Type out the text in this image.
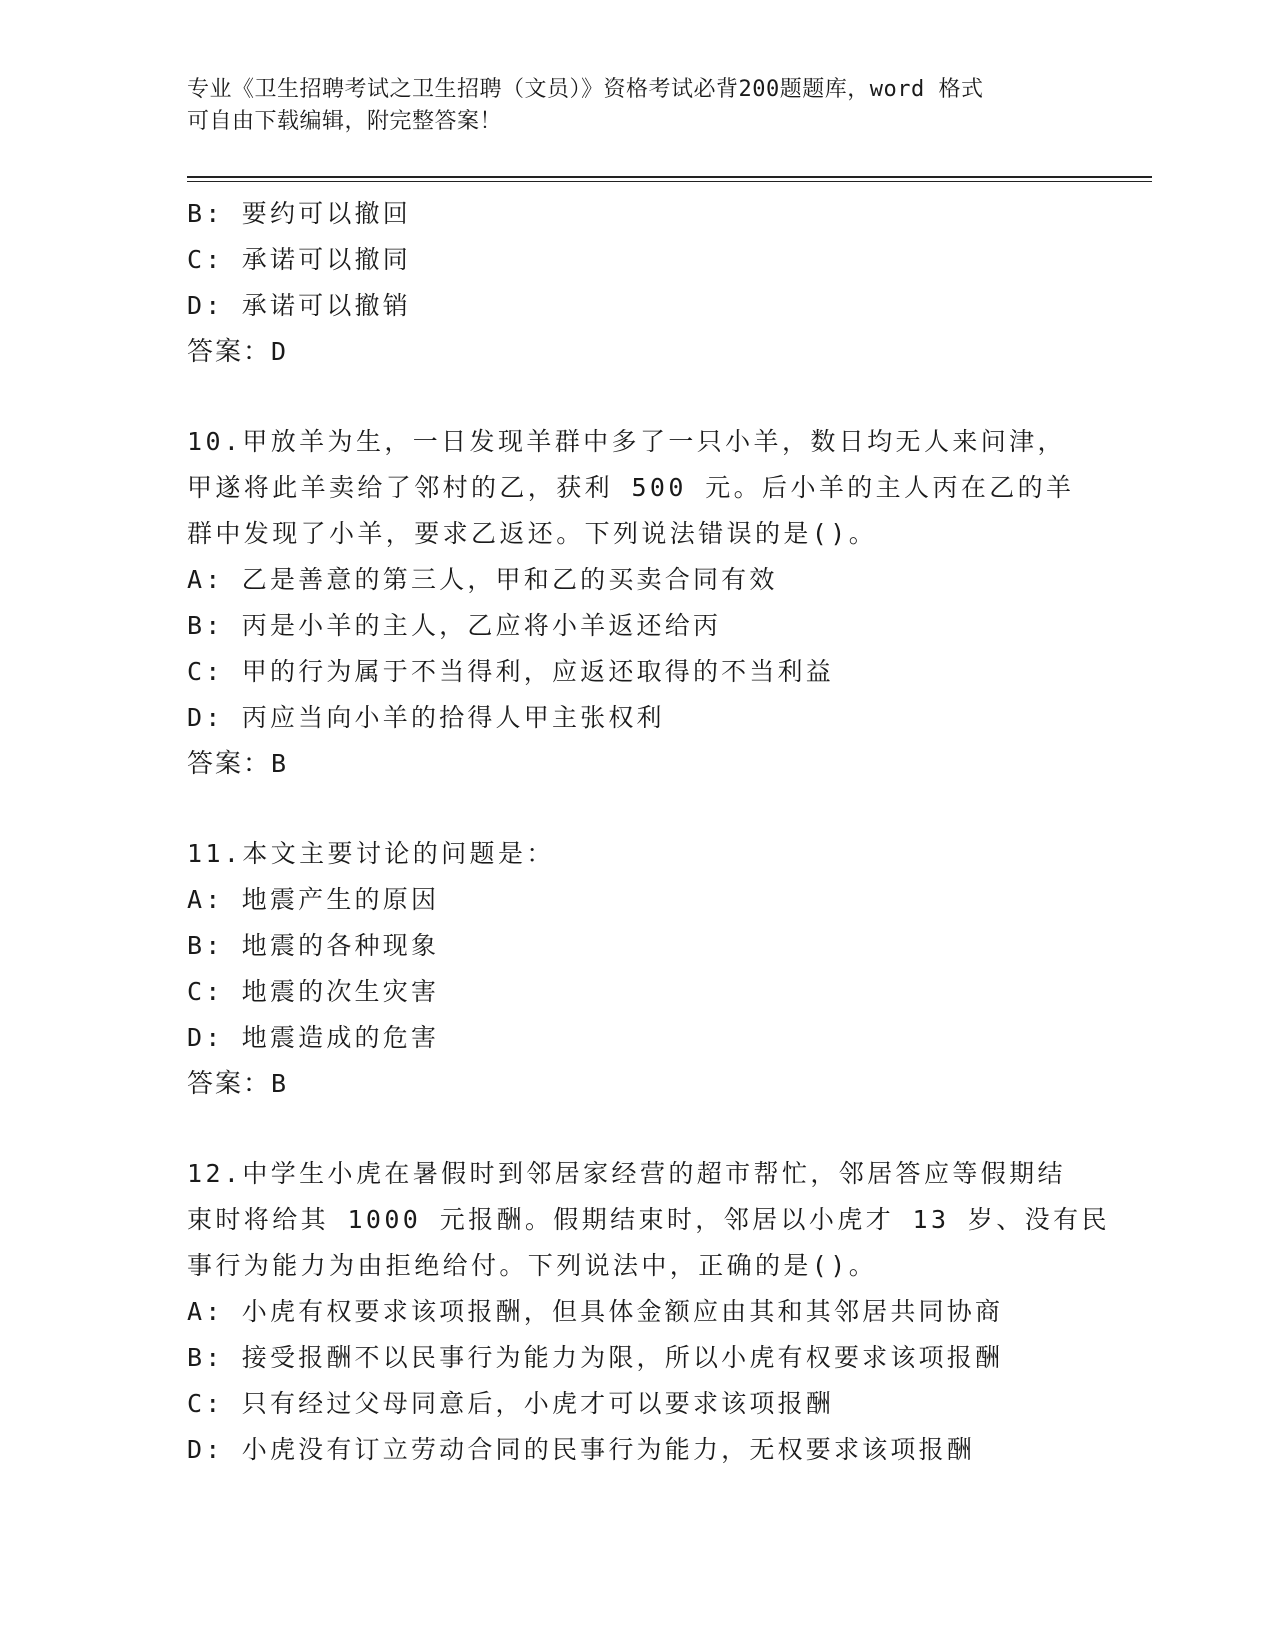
专业《卫生招聘考试之卫生招聘（文员）》资格考试必背200题题库，word 格式
可自由下载编辑，附完整答案！
B: 要约可以撤回
C: 承诺可以撤同
D: 承诺可以撤销
答案：D
10.甲放羊为生，一日发现羊群中多了一只小羊，数日均无人来问津，
甲遂将此羊卖给了邻村的乙，获利 500 元。后小羊的主人丙在乙的羊
群中发现了小羊，要求乙返还。下列说法错误的是()。
A: 乙是善意的第三人，甲和乙的买卖合同有效
B: 丙是小羊的主人，乙应将小羊返还给丙
C: 甲的行为属于不当得利，应返还取得的不当利益
D: 丙应当向小羊的拾得人甲主张权利
答案：B
11.本文主要讨论的问题是：
A: 地震产生的原因
B: 地震的各种现象
C: 地震的次生灾害
D: 地震造成的危害
答案：B
12.中学生小虎在暑假时到邻居家经营的超市帮忙，邻居答应等假期结
束时将给其 1000 元报酬。假期结束时，邻居以小虎才 13 岁、没有民
事行为能力为由拒绝给付。下列说法中，正确的是()。
A: 小虎有权要求该项报酬，但具体金额应由其和其邻居共同协商
B: 接受报酬不以民事行为能力为限，所以小虎有权要求该项报酬
C: 只有经过父母同意后，小虎才可以要求该项报酬
D: 小虎没有订立劳动合同的民事行为能力，无权要求该项报酬
